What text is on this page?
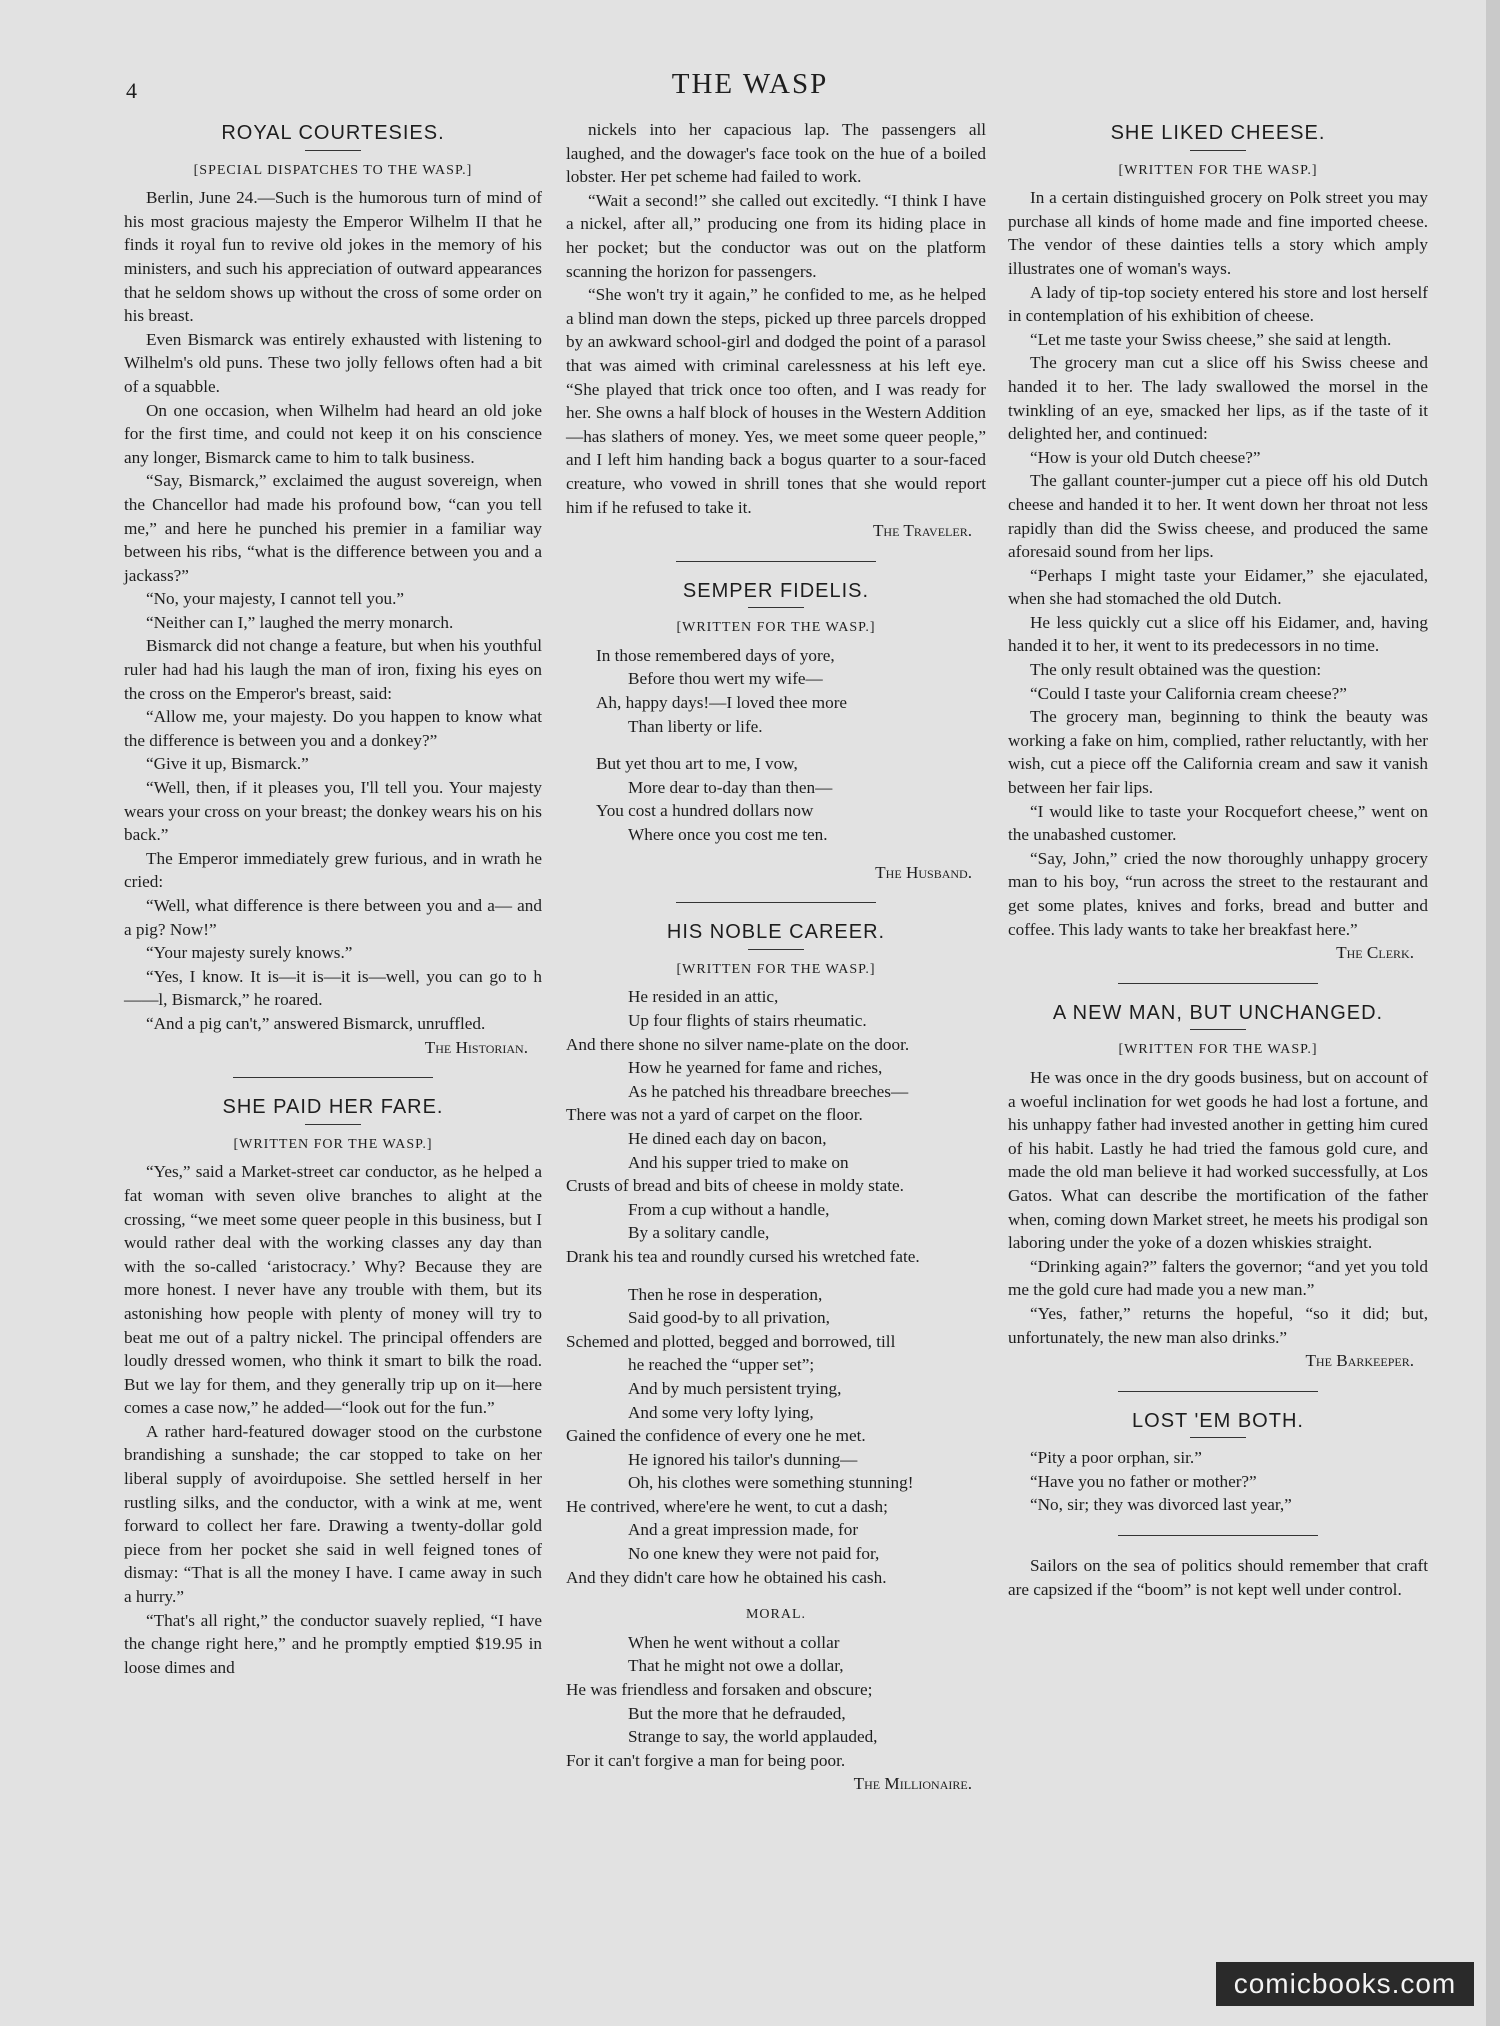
4	THE WASP
ROYAL COURTESIES.
[SPECIAL DISPATCHES TO THE WASP.]

Berlin, June 24.—Such is the humorous turn of mind of his most gracious majesty the Emperor Wilhelm II that he finds it royal fun to revive old jokes in the memory of his ministers, and such his appreciation of outward appearances that he seldom shows up without the cross of some order on his breast.

Even Bismarck was entirely exhausted with listening to Wilhelm's old puns. These two jolly fellows often had a bit of a squabble.

On one occasion, when Wilhelm had heard an old joke for the first time, and could not keep it on his conscience any longer, Bismarck came to him to talk business.

“Say, Bismarck,” exclaimed the august sovereign, when the Chancellor had made his profound bow, “can you tell me,” and here he punched his premier in a familiar way between his ribs, “what is the difference between you and a jackass?”

“No, your majesty, I cannot tell you.”

“Neither can I,” laughed the merry monarch.

Bismarck did not change a feature, but when his youthful ruler had had his laugh the man of iron, fixing his eyes on the cross on the Emperor's breast, said:

“Allow me, your majesty. Do you happen to know what the difference is between you and a donkey?”

“Give it up, Bismarck.”

“Well, then, if it pleases you, I'll tell you. Your majesty wears your cross on your breast; the donkey wears his on his back.”

The Emperor immediately grew furious, and in wrath he cried:

“Well, what difference is there between you and a— and a pig? Now!”

“Your majesty surely knows.”

“Yes, I know. It is—it is—it is—well, you can go to h——l, Bismarck,” he roared.

“And a pig can't,” answered Bismarck, unruffled.

The Historian.
SHE PAID HER FARE.
[WRITTEN FOR THE WASP.]

“Yes,” said a Market-street car conductor, as he helped a fat woman with seven olive branches to alight at the crossing, “we meet some queer people in this business, but I would rather deal with the working classes any day than with the so-called ‘aristocracy.’ Why? Because they are more honest. I never have any trouble with them, but its astonishing how people with plenty of money will try to beat me out of a paltry nickel. The principal offenders are loudly dressed women, who think it smart to bilk the road. But we lay for them, and they generally trip up on it—here comes a case now,” he added—“look out for the fun.”

A rather hard-featured dowager stood on the curbstone brandishing a sunshade; the car stopped to take on her liberal supply of avoirdupoise. She settled herself in her rustling silks, and the conductor, with a wink at me, went forward to collect her fare. Drawing a twenty-dollar gold piece from her pocket she said in well feigned tones of dismay: “That is all the money I have. I came away in such a hurry.”

“That's all right,” the conductor suavely replied, “I have the change right here,” and he promptly emptied $19.95 in loose dimes and

nickels into her capacious lap. The passengers all laughed, and the dowager's face took on the hue of a boiled lobster. Her pet scheme had failed to work.

“Wait a second!” she called out excitedly. “I think I have a nickel, after all,” producing one from its hiding place in her pocket; but the conductor was out on the platform scanning the horizon for passengers.

“She won't try it again,” he confided to me, as he helped a blind man down the steps, picked up three parcels dropped by an awkward school-girl and dodged the point of a parasol that was aimed with criminal carelessness at his left eye. “She played that trick once too often, and I was ready for her. She owns a half block of houses in the Western Addition—has slathers of money. Yes, we meet some queer people,” and I left him handing back a bogus quarter to a sour-faced creature, who vowed in shrill tones that she would report him if he refused to take it.

The Traveler.
SEMPER FIDELIS.
[WRITTEN FOR THE WASP.]
In those remembered days of yore,
Before thou wert my wife—
Ah, happy days!—I loved thee more
Than liberty or life.
But yet thou art to me, I vow,
More dear to-day than then—
You cost a hundred dollars now
Where once you cost me ten.
The Husband.
HIS NOBLE CAREER.
[WRITTEN FOR THE WASP.]
He resided in an attic,
Up four flights of stairs rheumatic.
And there shone no silver name-plate on the door.
How he yearned for fame and riches,
As he patched his threadbare breeches—
There was not a yard of carpet on the floor.
He dined each day on bacon,
And his supper tried to make on
Crusts of bread and bits of cheese in moldy state.
From a cup without a handle,
By a solitary candle,
Drank his tea and roundly cursed his wretched fate.
Then he rose in desperation,
Said good-by to all privation,
Schemed and plotted, begged and borrowed, till
he reached the “upper set”;
And by much persistent trying,
And some very lofty lying,
Gained the confidence of every one he met.
He ignored his tailor's dunning—
Oh, his clothes were something stunning!
He contrived, where'ere he went, to cut a dash;
And a great impression made, for
No one knew they were not paid for,
And they didn't care how he obtained his cash.
MORAL.
When he went without a collar
That he might not owe a dollar,
He was friendless and forsaken and obscure;
But the more that he defrauded,
Strange to say, the world applauded,
For it can't forgive a man for being poor.
The Millionaire.
SHE LIKED CHEESE.
[WRITTEN FOR THE WASP.]

In a certain distinguished grocery on Polk street you may purchase all kinds of home made and fine imported cheese. The vendor of these dainties tells a story which amply illustrates one of woman's ways.

A lady of tip-top society entered his store and lost herself in contemplation of his exhibition of cheese.

“Let me taste your Swiss cheese,” she said at length.

The grocery man cut a slice off his Swiss cheese and handed it to her. The lady swallowed the morsel in the twinkling of an eye, smacked her lips, as if the taste of it delighted her, and continued:

“How is your old Dutch cheese?”

The gallant counter-jumper cut a piece off his old Dutch cheese and handed it to her. It went down her throat not less rapidly than did the Swiss cheese, and produced the same aforesaid sound from her lips.

“Perhaps I might taste your Eidamer,” she ejaculated, when she had stomached the old Dutch.

He less quickly cut a slice off his Eidamer, and, having handed it to her, it went to its predecessors in no time.

The only result obtained was the question:

“Could I taste your California cream cheese?”

The grocery man, beginning to think the beauty was working a fake on him, complied, rather reluctantly, with her wish, cut a piece off the California cream and saw it vanish between her fair lips.

“I would like to taste your Rocquefort cheese,” went on the unabashed customer.

“Say, John,” cried the now thoroughly unhappy grocery man to his boy, “run across the street to the restaurant and get some plates, knives and forks, bread and butter and coffee. This lady wants to take her breakfast here.”

The Clerk.
A NEW MAN, BUT UNCHANGED.
[WRITTEN FOR THE WASP.]

He was once in the dry goods business, but on account of a woeful inclination for wet goods he had lost a fortune, and his unhappy father had invested another in getting him cured of his habit. Lastly he had tried the famous gold cure, and made the old man believe it had worked successfully, at Los Gatos. What can describe the mortification of the father when, coming down Market street, he meets his prodigal son laboring under the yoke of a dozen whiskies straight.

“Drinking again?” falters the governor; “and yet you told me the gold cure had made you a new man.”

“Yes, father,” returns the hopeful, “so it did; but, unfortunately, the new man also drinks.”

The Barkeeper.
LOST 'EM BOTH.

“Pity a poor orphan, sir.”

“Have you no father or mother?”

“No, sir; they was divorced last year,”

Sailors on the sea of politics should remember that craft are capsized if the “boom” is not kept well under control.

comicbooks.com
